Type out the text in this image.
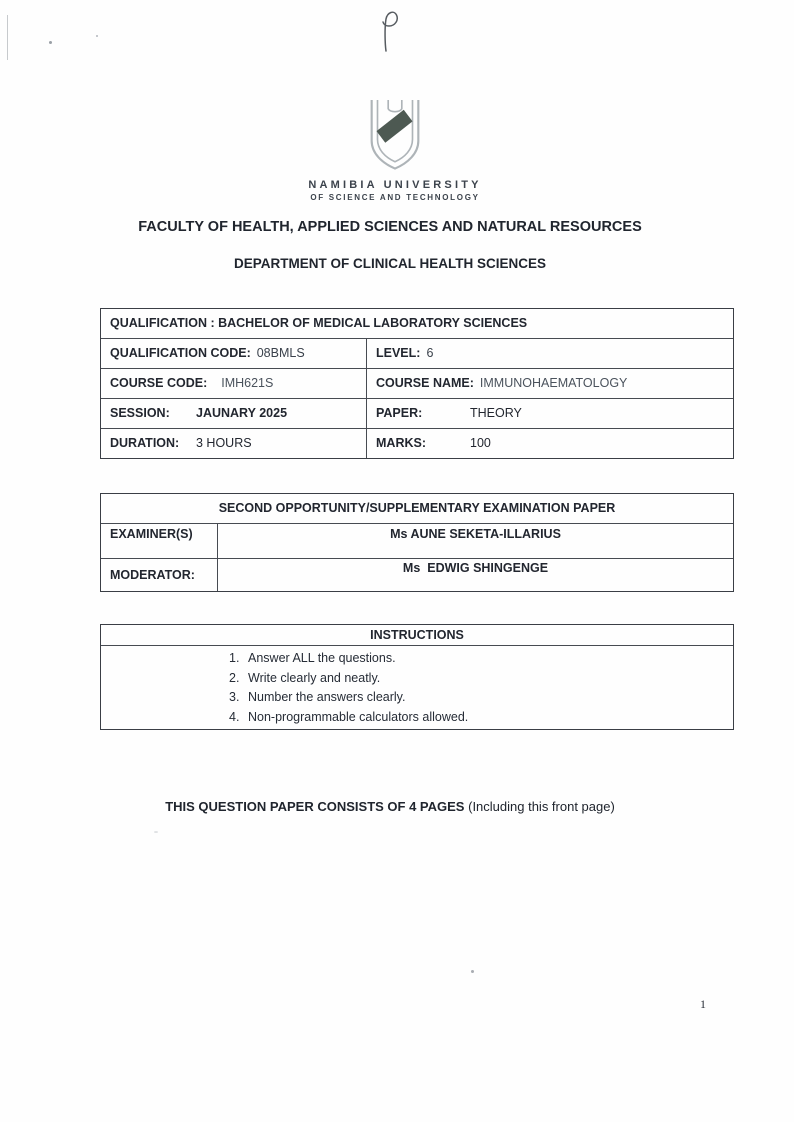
NAMIBIA UNIVERSITY
OF SCIENCE AND TECHNOLOGY
FACULTY OF HEALTH, APPLIED SCIENCES AND NATURAL RESOURCES
DEPARTMENT OF CLINICAL HEALTH SCIENCES
QUALIFICATION : BACHELOR OF MEDICAL LABORATORY SCIENCES
QUALIFICATION CODE: 08BMLS	LEVEL: 6
COURSE CODE: IMH621S	COURSE NAME: IMMUNOHAEMATOLOGY
SESSION: JAUNARY 2025	PAPER:	THEORY
DURATION: 3 HOURS	MARKS:	100
SECOND OPPORTUNITY/SUPPLEMENTARY EXAMINATION PAPER
EXAMINER(S)	Ms AUNE SEKETA-ILLARIUS
MODERATOR:	Ms  EDWIG SHINGENGE
INSTRUCTIONS
1. Answer ALL the questions.
2. Write clearly and neatly.
3. Number the answers clearly.
4. Non-programmable calculators allowed.
THIS QUESTION PAPER CONSISTS OF 4 PAGES (Including this front page)
1
